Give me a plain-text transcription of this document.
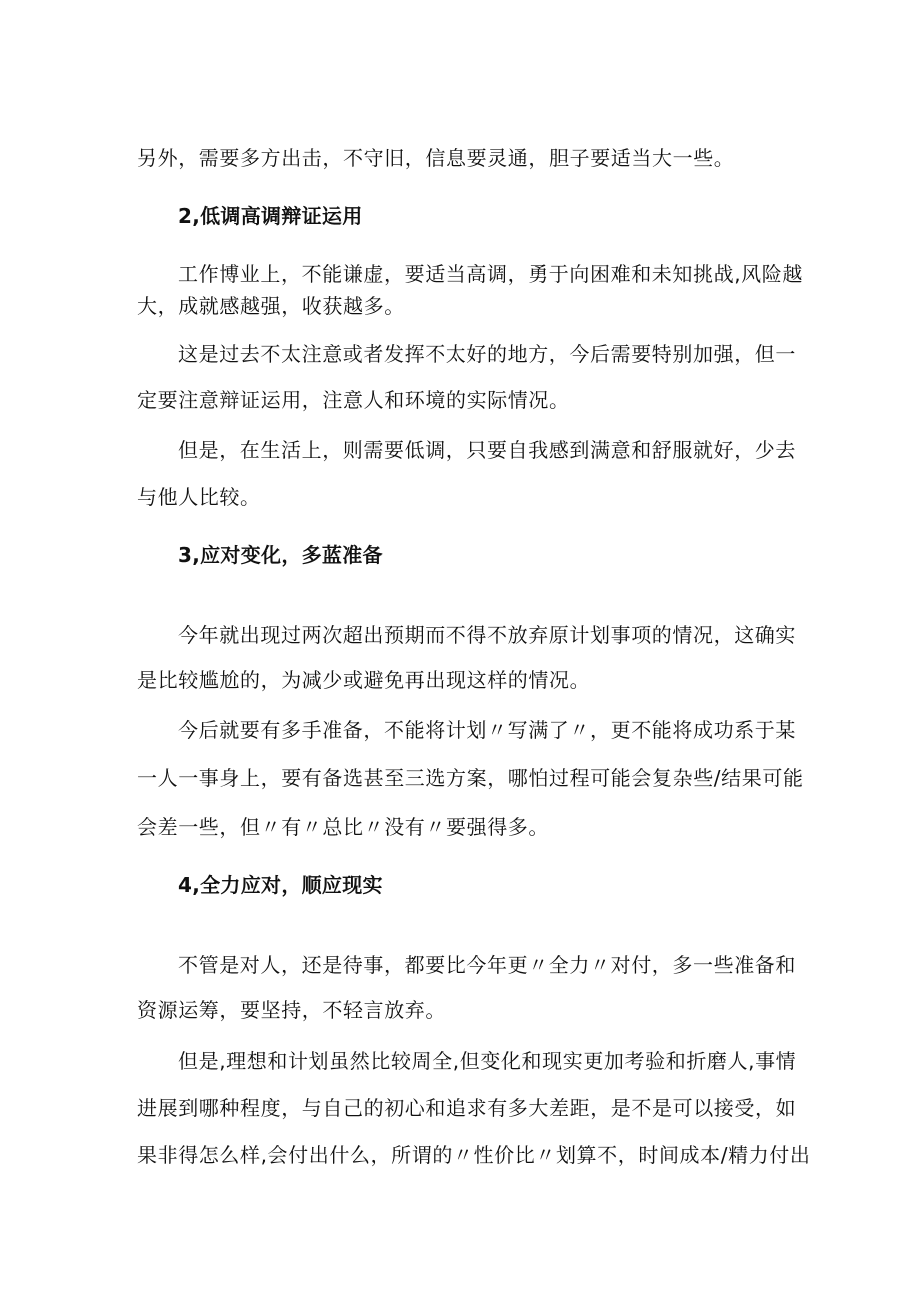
另外，需要多方出击，不守旧，信息要灵通，胆子要适当大一些。
2,低调高调辩证运用
工作博业上，不能谦虚，要适当高调，勇于向困难和未知挑战,风险越
大，成就感越强，收获越多。
这是过去不太注意或者发挥不太好的地方，今后需要特别加强，但一
定要注意辩证运用，注意人和环境的实际情况。
但是，在生活上，则需要低调，只要自我感到满意和舒服就好，少去
与他人比较。
3,应对变化，多蓝准备
今年就出现过两次超出预期而不得不放弃原计划事项的情况，这确实
是比较尴尬的，为减少或避免再出现这样的情况。
今后就要有多手准备，不能将计划〃写满了〃，更不能将成功系于某
一人一事身上，要有备选甚至三选方案，哪怕过程可能会复杂些/结果可能
会差一些，但〃有〃总比〃没有〃要强得多。
4,全力应对，顺应现实
不管是对人，还是待事，都要比今年更〃全力〃对付，多一些准备和
资源运筹，要坚持，不轻言放弃。
但是,理想和计划虽然比较周全,但变化和现实更加考验和折磨人,事情
进展到哪种程度，与自己的初心和追求有多大差距，是不是可以接受，如
果非得怎么样,会付出什么，所谓的〃性价比〃划算不，时间成本/精力付出
